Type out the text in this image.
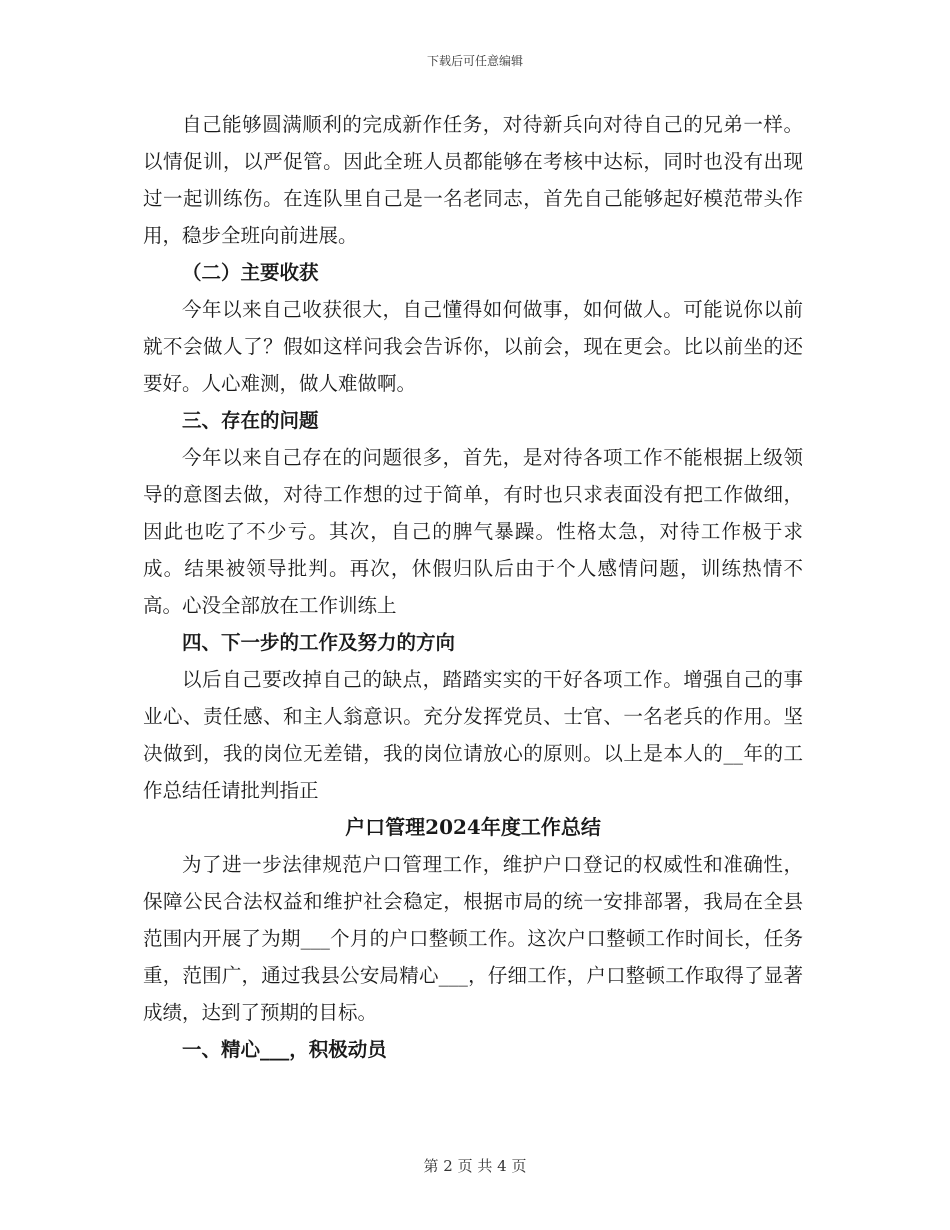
下载后可任意编辑

自己能够圆满顺利的完成新作任务，对待新兵向对待自己的兄弟一样。以情促训，以严促管。因此全班人员都能够在考核中达标，同时也没有出现过一起训练伤。在连队里自己是一名老同志，首先自己能够起好模范带头作用，稳步全班向前进展。

（二）主要收获

今年以来自己收获很大，自己懂得如何做事，如何做人。可能说你以前就不会做人了？假如这样问我会告诉你，以前会，现在更会。比以前坐的还要好。人心难测，做人难做啊。

三、存在的问题

今年以来自己存在的问题很多，首先，是对待各项工作不能根据上级领导的意图去做，对待工作想的过于简单，有时也只求表面没有把工作做细，因此也吃了不少亏。其次，自己的脾气暴躁。性格太急，对待工作极于求成。结果被领导批判。再次，休假归队后由于个人感情问题，训练热情不高。心没全部放在工作训练上

四、下一步的工作及努力的方向

以后自己要改掉自己的缺点，踏踏实实的干好各项工作。增强自己的事业心、责任感、和主人翁意识。充分发挥党员、士官、一名老兵的作用。坚决做到，我的岗位无差错，我的岗位请放心的原则。以上是本人的__年的工作总结任请批判指正

户口管理2024年度工作总结

为了进一步法律规范户口管理工作，维护户口登记的权威性和准确性，保障公民合法权益和维护社会稳定，根据市局的统一安排部署，我局在全县范围内开展了为期___个月的户口整顿工作。这次户口整顿工作时间长，任务重，范围广，通过我县公安局精心___，仔细工作，户口整顿工作取得了显著成绩，达到了预期的目标。

一、精心___，积极动员

第 2 页 共 4 页
